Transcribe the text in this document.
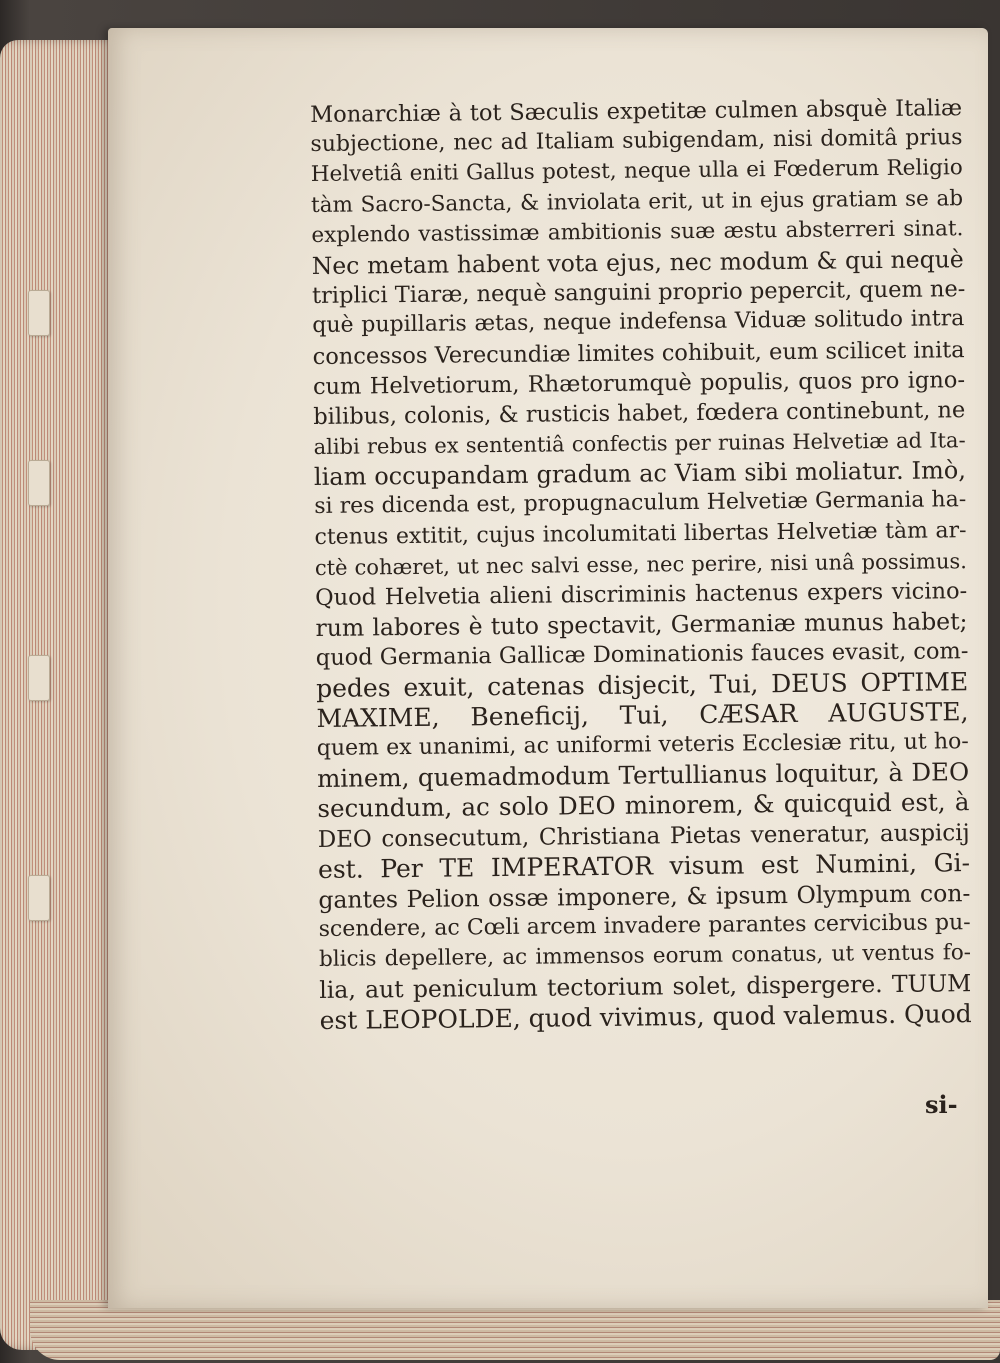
Monarchiæ à tot Sæculis expetitæ culmen absquè Italiæ
subjectione, nec ad Italiam subigendam, nisi domitâ prius
Helvetiâ eniti Gallus potest, neque ulla ei Fœderum Religio
tàm Sacro-Sancta, & inviolata erit, ut in ejus gratiam se ab
explendo vastissimæ ambitionis suæ æstu absterreri sinat.
Nec metam habent vota ejus, nec modum & qui nequè
triplici Tiaræ, nequè sanguini proprio pepercit, quem ne-
què pupillaris ætas, neque indefensa Viduæ solitudo intra
concessos Verecundiæ limites cohibuit, eum scilicet inita
cum Helvetiorum, Rhætorumquè populis, quos pro igno-
bilibus, colonis, & rusticis habet, fœdera continebunt, ne
alibi rebus ex sententiâ confectis per ruinas Helvetiæ ad Ita-
liam occupandam gradum ac Viam sibi moliatur. Imò,
si res dicenda est, propugnaculum Helvetiæ Germania ha-
ctenus extitit, cujus incolumitati libertas Helvetiæ tàm ar-
ctè cohæret, ut nec salvi esse, nec perire, nisi unâ possimus.
Quod Helvetia alieni discriminis hactenus expers vicino-
rum labores è tuto spectavit, Germaniæ munus habet;
quod Germania Gallicæ Dominationis fauces evasit, com-
pedes exuit, catenas disjecit, Tui, DEUS OPTIME
MAXIME, Beneficij, Tui, CÆSAR AUGUSTE,
quem ex unanimi, ac uniformi veteris Ecclesiæ ritu, ut ho-
minem, quemadmodum Tertullianus loquitur, à DEO
secundum, ac solo DEO minorem, & quicquid est, à
DEO consecutum, Christiana Pietas veneratur, auspicij
est. Per TE IMPERATOR visum est Numini, Gi-
gantes Pelion ossæ imponere, & ipsum Olympum con-
scendere, ac Cœli arcem invadere parantes cervicibus pu-
blicis depellere, ac immensos eorum conatus, ut ventus fo-
lia, aut peniculum tectorium solet, dispergere. TUUM
est LEOPOLDE, quod vivimus, quod valemus. Quod
si-
